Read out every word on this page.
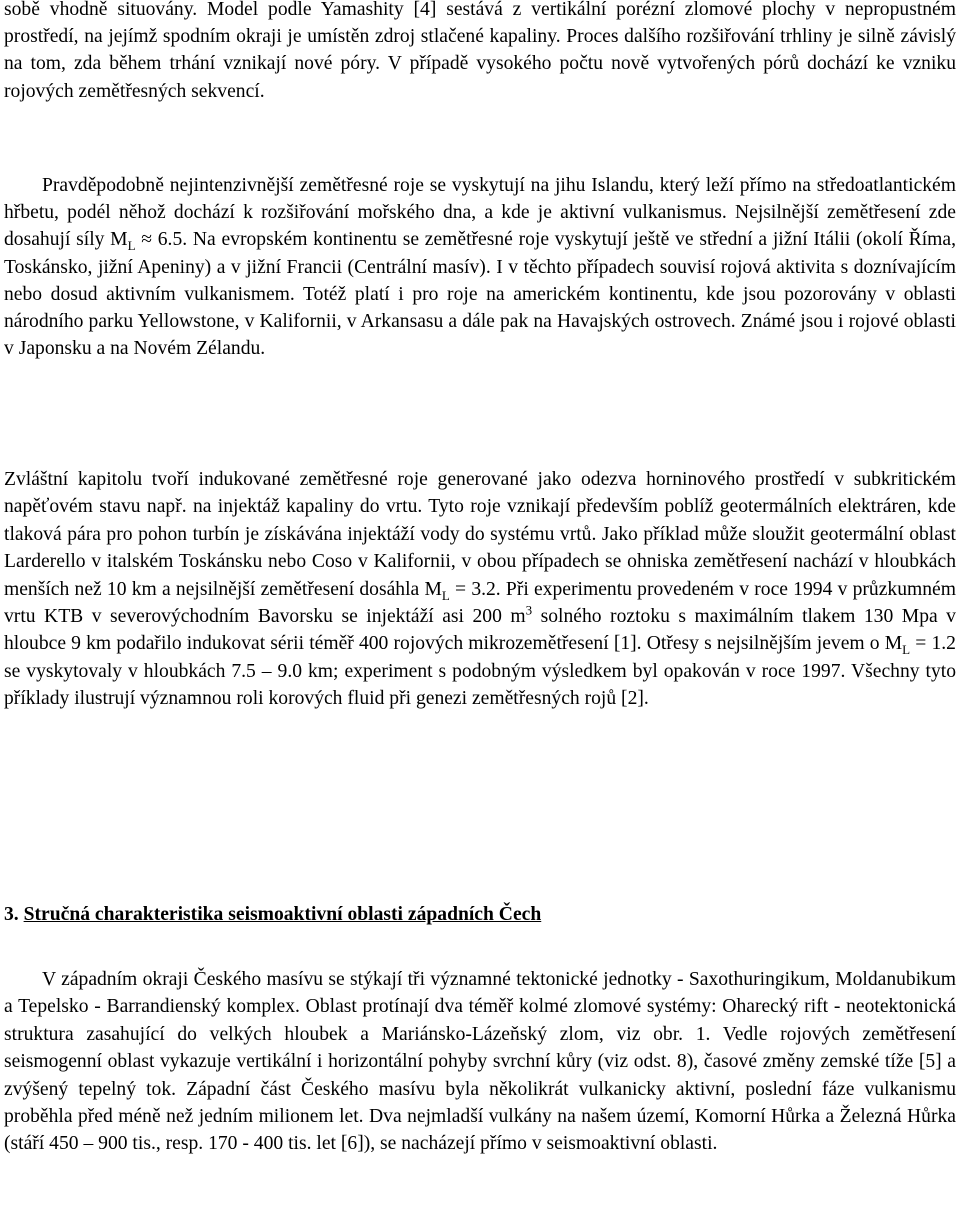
sobě vhodně situovány. Model podle Yamashity [4] sestává z vertikální porézní zlomové plochy v nepropustném prostředí, na jejímž spodním okraji je umístěn zdroj stlačené kapaliny. Proces dalšího rozšiřování trhliny je silně závislý na tom, zda během trhání vznikají nové póry. V případě vysokého počtu nově vytvořených pórů dochází ke vzniku rojových zemětřesných sekvencí.

Pravděpodobně nejintenzivnější zemětřesné roje se vyskytují na jihu Islandu, který leží přímo na středoatlantickém hřbetu, podél něhož dochází k rozšiřování mořského dna, a kde je aktivní vulkanismus. Nejsilnější zemětřesení zde dosahují síly $M_L \approx 6.5$. Na evropském kontinentu se zemětřesné roje vyskytují ještě ve střední a jižní Itálii (okolí Říma, Toskánsko, jižní Apeniny) a v jižní Francii (Centrální masív). I v těchto případech souvisí rojová aktivita s doznívajícím nebo dosud aktivním vulkanismem. Totéž platí i pro roje na americkém kontinentu, kde jsou pozorovány v oblasti národního parku Yellowstone, v Kalifornii, v Arkansasu a dále pak na Havajských ostrovech. Známé jsou i rojové oblasti v Japonsku a na Novém Zélandu.

Zvláštní kapitolu tvoří indukované zemětřesné roje generované jako odezva horninového prostředí v subkritickém napěťovém stavu např. na injektáž kapaliny do vrtu. Tyto roje vznikají především poblíž geotermálních elektráren, kde tlaková pára pro pohon turbín je získávána injektáží vody do systému vrtů. Jako příklad může sloužit geotermální oblast Larderello v italském Toskánsku nebo Coso v Kalifornii, v obou případech se ohniska zemětřesení nachází v hloubkách menších než 10 km a nejsilnější zemětřesení dosáhla $M_L = 3.2$. Při experimentu provedeném v roce 1994 v průzkumném vrtu KTB v severovýchodním Bavorsku se injektáží asi 200 $m^3$ solného roztoku s maximálním tlakem 130 Mpa v hloubce 9 km podařilo indukovat sérii téměř 400 rojových mikrozemětřesení [1]. Otřesy s nejsilnějším jevem o $M_L = 1.2$ se vyskytovaly v hloubkách 7.5 – 9.0 km; experiment s podobným výsledkem byl opakován v roce 1997. Všechny tyto příklady ilustrují významnou roli korových fluid při genezi zemětřesných rojů [2].

3. Stručná charakteristika seismoaktivní oblasti západních Čech

V západním okraji Českého masívu se stýkají tři významné tektonické jednotky - Saxothuringikum, Moldanubikum a Tepelsko - Barrandienský komplex. Oblast protínají dva téměř kolmé zlomové systémy: Oharecký rift - neotektonická struktura zasahující do velkých hloubek a Mariánsko-Lázeňský zlom, viz obr. 1. Vedle rojových zemětřesení seismogenní oblast vykazuje vertikální i horizontální pohyby svrchní kůry (viz odst. 8), časové změny zemské tíže [5] a zvýšený tepelný tok. Západní část Českého masívu byla několikrát vulkanicky aktivní, poslední fáze vulkanismu proběhla před méně než jedním milionem let. Dva nejmladší vulkány na našem území, Komorní Hůrka a Železná Hůrka (stáří 450 – 900 tis., resp. 170 - 400 tis. let [6]), se nacházejí přímo v seismoaktivní oblasti.
